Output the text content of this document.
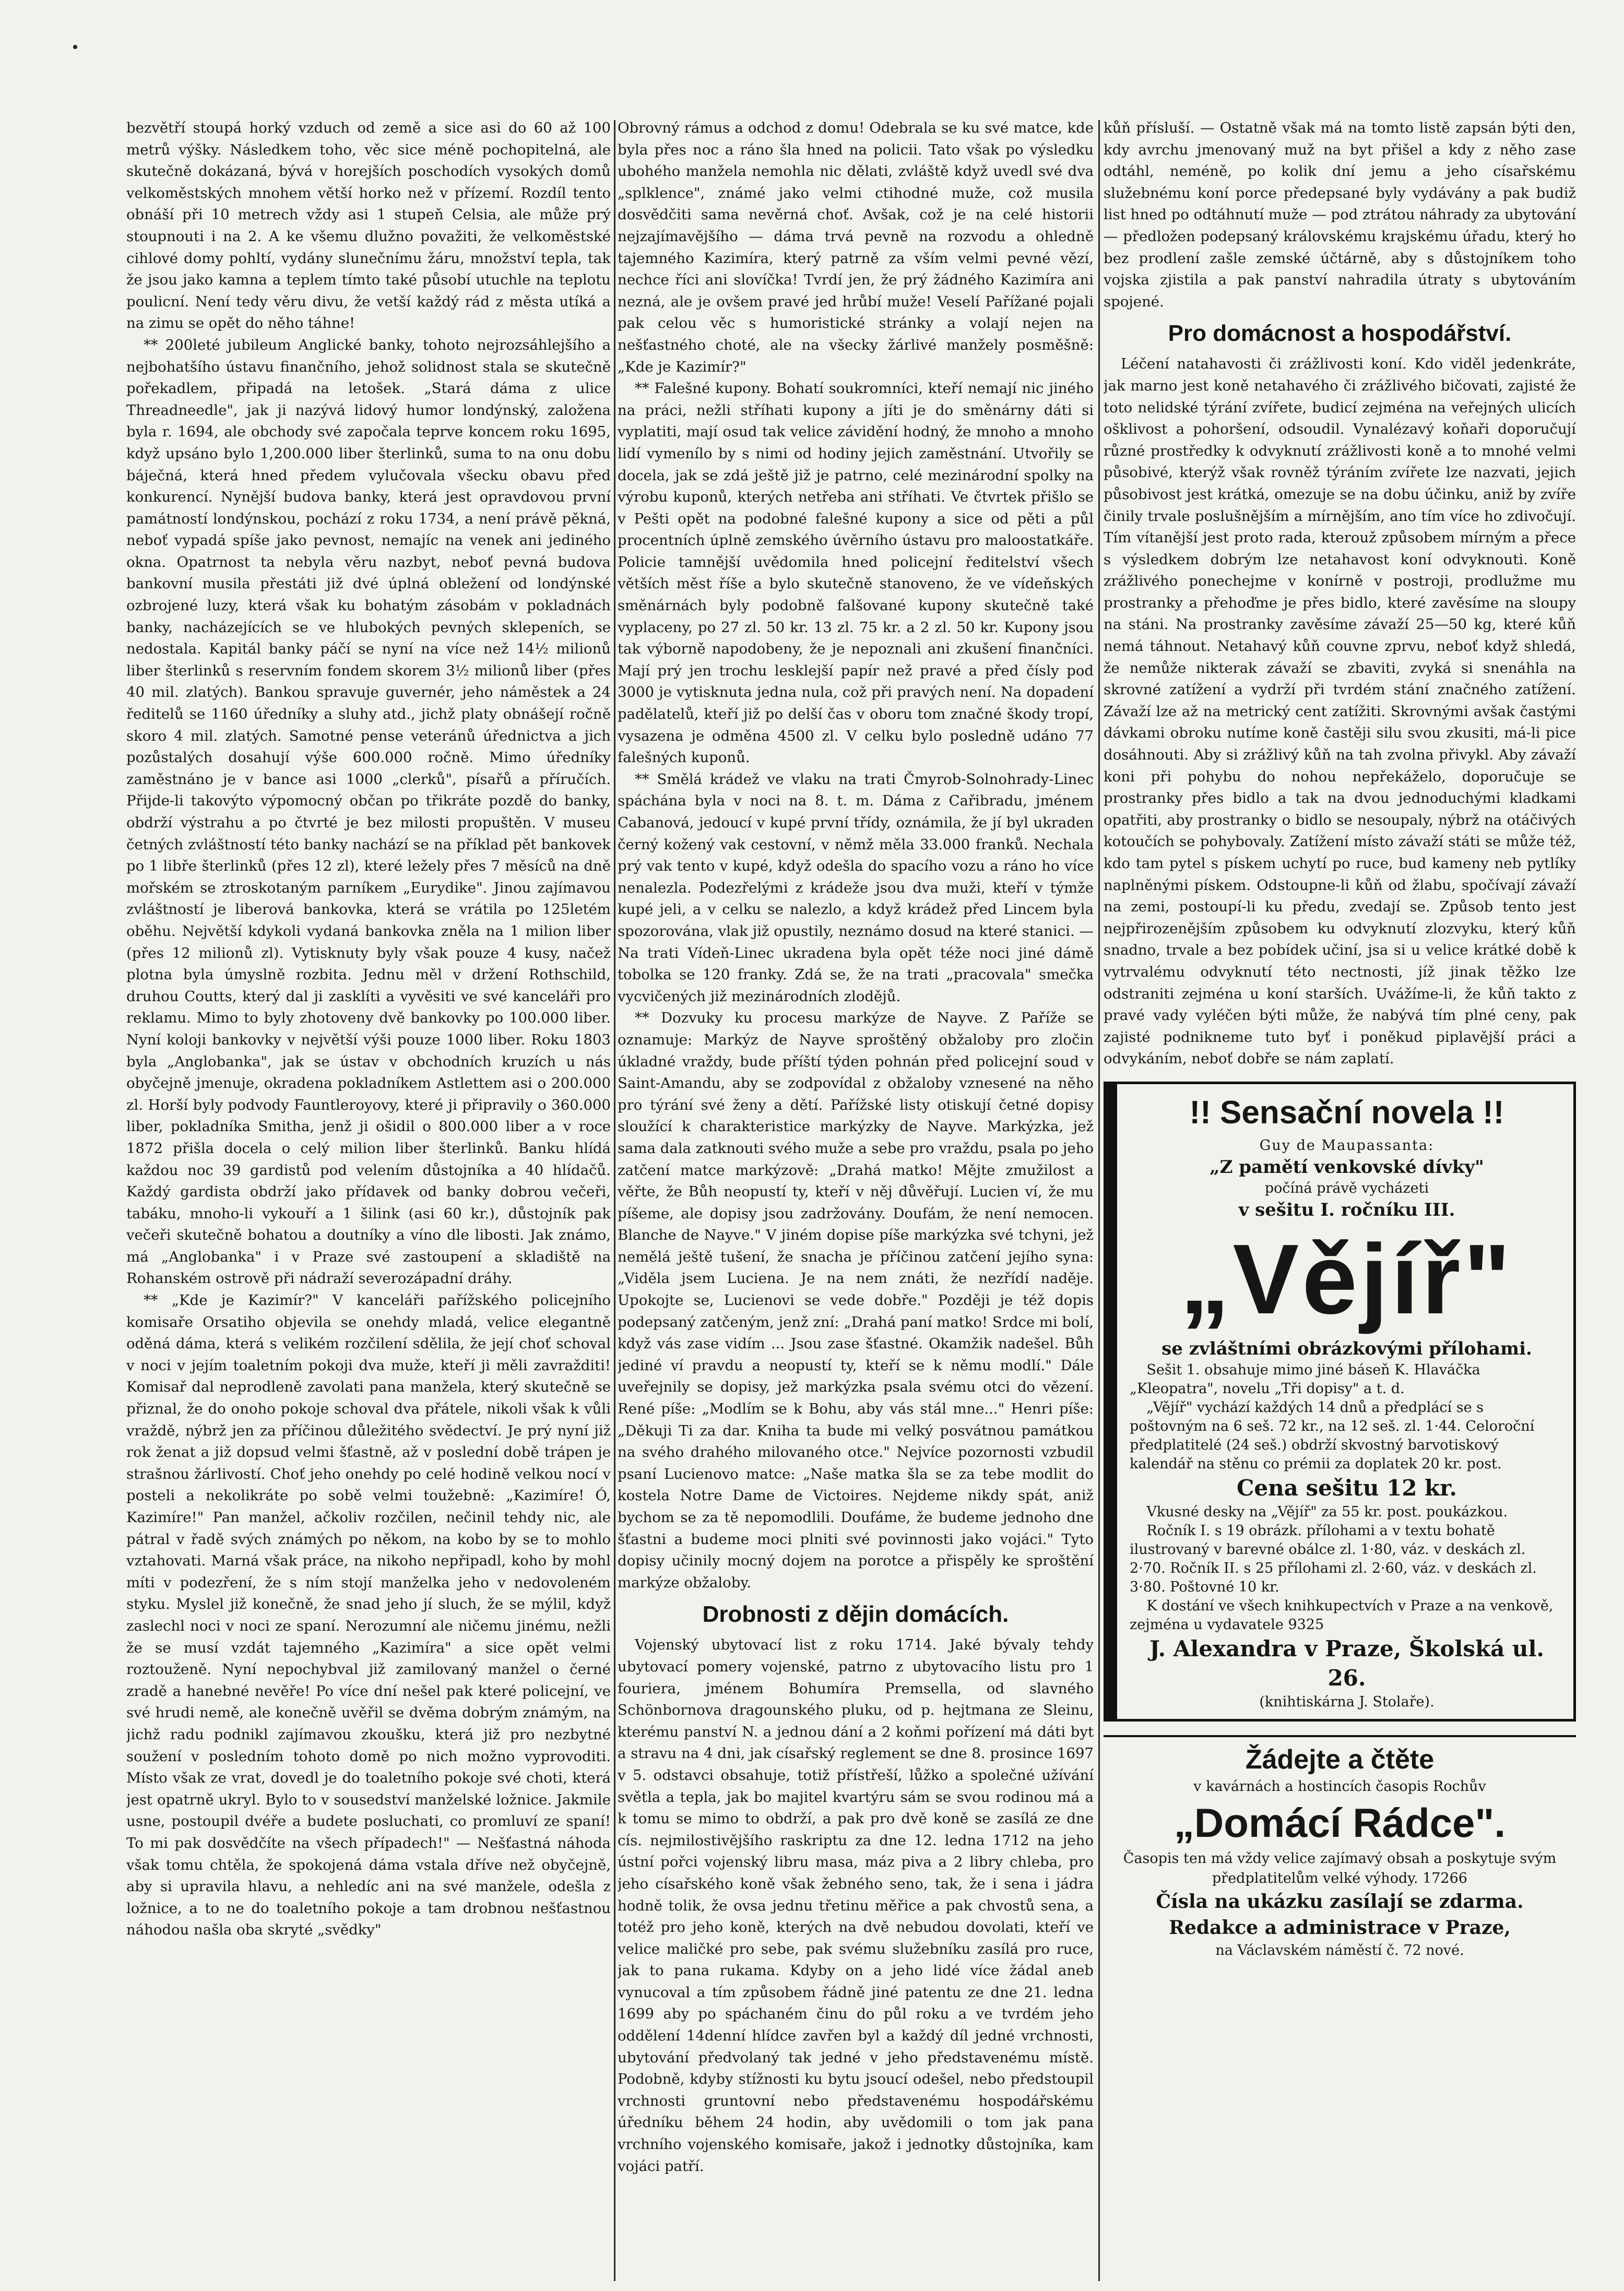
bezvětří stoupá horký vzduch od země a sice asi do 60 až 100 metrů výšky. Následkem toho, věc sice méně pochopitelná, ale skutečně dokázaná, bývá v horejších poschodích vysokých domů velkoměstských mnohem větší horko než v přízemí. Rozdíl tento obnáší při 10 metrech vždy asi 1 stupeň Celsia, ale může prý stoupnouti i na 2. A ke všemu dlužno považiti, že velkoměstské cihlové domy pohltí, vydány slunečnímu žáru, množství tepla, tak že jsou jako kamna a teplem tímto také působí utuchle na teplotu poulicní. Není tedy věru divu, že vetší každý rád z města utíká a na zimu se opět do něho táhne!

** 200leté jubileum Anglické banky, tohoto nejrozsáhlejšího a nejbohatšího ústavu finančního, jehož solidnost stala se skutečně pořekadlem, připadá na letošek. „Stará dáma z ulice Threadneedle", jak ji nazývá lidový humor londýnský, založena byla r. 1694, ale obchody své započala teprve koncem roku 1695, když upsáno bylo 1,200.000 liber šterlinků, suma to na onu dobu báječná, která hned předem vylučovala všecku obavu před konkurencí. Nynější budova banky, která jest opravdovou první památností londýnskou, pochází z roku 1734, a není právě pěkná, neboť vypadá spíše jako pevnost, nemajíc na venek ani jediného okna. Opatrnost ta nebyla věru nazbyt, neboť pevná budova bankovní musila přestáti již dvé úplná obležení od londýnské ozbrojené luzy, která však ku bohatým zásobám v pokladnách banky, nacházejících se ve hlubokých pevných sklepeních, se nedostala. Kapitál banky páčí se nyní na více než 14½ milionů liber šterlinků s reservním fondem skorem 3½ milionů liber (přes 40 mil. zlatých). Bankou spravuje guvernér, jeho náměstek a 24 ředitelů se 1160 úředníky a sluhy atd., jichž platy obnášejí ročně skoro 4 mil. zlatých. Samotné pense veteránů úřednictva a jich pozůstalých dosahují výše 600.000 ročně. Mimo úředníky zaměstnáno je v bance asi 1000 „clerků", písařů a příručích. Přijde-li takovýto výpomocný občan po třikráte pozdě do banky, obdrží výstrahu a po čtvrté je bez milosti propuštěn. V museu četných zvláštností této banky nachází se na příklad pět bankovek po 1 libře šterlinků (přes 12 zl), které ležely přes 7 měsíců na dně mořském se ztroskotaným parníkem „Eurydike". Jinou zajímavou zvláštností je liberová bankovka, která se vrátila po 125letém oběhu. Největší kdykoli vydaná bankovka zněla na 1 milion liber (přes 12 milionů zl). Vytisknuty byly však pouze 4 kusy, načež plotna byla úmyslně rozbita. Jednu měl v držení Rothschild, druhou Coutts, který dal ji zasklíti a vyvěsiti ve své kanceláři pro reklamu. Mimo to byly zhotoveny dvě bankovky po 100.000 liber. Nyní koloji bankovky v největší výši pouze 1000 liber. Roku 1803 byla „Anglobanka", jak se ústav v obchodních kruzích u nás obyčejně jmenuje, okradena pokladníkem Astlettem asi o 200.000 zl. Horší byly podvody Fauntleroyovy, které ji připravily o 360.000 liber, pokladníka Smitha, jenž ji ošidil o 800.000 liber a v roce 1872 přišla docela o celý milion liber šterlinků. Banku hlídá každou noc 39 gardistů pod velením důstojníka a 40 hlídačů. Každý gardista obdrží jako přídavek od banky dobrou večeři, tabáku, mnoho-li vykouří a 1 šilink (asi 60 kr.), důstojník pak večeři skutečně bohatou a doutníky a víno dle libosti. Jak známo, má „Anglobanka" i v Praze své zastoupení a skladiště na Rohanském ostrově při nádraží severozápadní dráhy.

** „Kde je Kazimír?" V kanceláři pařížského policejního komisaře Orsatiho objevila se onehdy mladá, velice elegantně oděná dáma, která s velikém rozčilení sdělila, že její choť schoval v noci v jejím toaletním pokoji dva muže, kteří ji měli zavražditi! Komisař dal neprodleně zavolati pana manžela, který skutečně se přiznal, že do onoho pokoje schoval dva přátele, nikoli však k vůli vraždě, nýbrž jen za příčinou důležitého svědectví. Je prý nyní již rok ženat a již dopsud velmi šťastně, až v poslední době trápen je strašnou žárlivostí. Choť jeho onehdy po celé hodině velkou nocí v posteli a nekolikráte po sobě velmi toužebně: „Kazimíre! Ó, Kazimíre!" Pan manžel, ačkoliv rozčilen, nečinil tehdy nic, ale pátral v řadě svých známých po někom, na kobo by se to mohlo vztahovati. Marná však práce, na nikoho nepřipadl, koho by mohl míti v podezření, že s ním stojí manželka jeho v nedovoleném styku. Myslel již konečně, že snad jeho jí sluch, že se mýlil, když zaslechl noci v noci ze spaní. Nerozumní ale ničemu jinému, nežli že se musí vzdát tajemného „Kazimíra" a sice opět velmi roztouženě. Nyní nepochybval již zamilovaný manžel o černé zradě a hanebné nevěře! Po více dní nešel pak které policejní, ve své hrudi nemě, ale konečně uvěřil se dvěma dobrým známým, na jichž radu podnikl zajímavou zkoušku, která již pro nezbytné soužení v posledním tohoto domě po nich možno vyprovoditi. Místo však ze vrat, dovedl je do toaletního pokoje své choti, která jest opatrně ukryl. Bylo to v sousedství manželské ložnice. Jakmile usne, postoupil dvéře a budete posluchati, co promluví ze spaní! To mi pak dosvědčíte na všech případech!" — Nešťastná náhoda však tomu chtěla, že spokojená dáma vstala dříve než obyčejně, aby si upravila hlavu, a nehledíc ani na své manžele, odešla z ložnice, a to ne do toaletního pokoje a tam drobnou nešťastnou náhodou našla oba skryté „svědky"

Obrovný rámus a odchod z domu! Odebrala se ku své matce, kde byla přes noc a ráno šla hned na policii. Tato však po výsledku ubohého manžela nemohla nic dělati, zvláště když uvedl své dva „splklence", známé jako velmi ctihodné muže, což musila dosvědčiti sama nevěrná choť. Avšak, což je na celé historii nejzajímavějšího — dáma trvá pevně na rozvodu a ohledně tajemného Kazimíra, který patrně za vším velmi pevné vězí, nechce říci ani slovíčka! Tvrdí jen, že prý žádného Kazimíra ani nezná, ale je ovšem pravé jed hrůbí muže! Veselí Pařížané pojali pak celou věc s humoristické stránky a volají nejen na nešťastného choté, ale na všecky žárlivé manžely posměšně: „Kde je Kazimír?"

** Falešné kupony. Bohatí soukromníci, kteří nemají nic jiného na práci, nežli stříhati kupony a jíti je do směnárny dáti si vyplatiti, mají osud tak velice závidění hodný, že mnoho a mnoho lidí vymenílo by s nimi od hodiny jejich zaměstnání. Utvořily se docela, jak se zdá ještě již je patrno, celé mezinárodní spolky na výrobu kuponů, kterých netřeba ani stříhati. Ve čtvrtek přišlo se v Pešti opět na podobné falešné kupony a sice od pěti a půl procentních úplně zemského úvěrního ústavu pro maloostatkáře. Policie tamnější uvědomila hned policejní ředitelství všech větších měst říše a bylo skutečně stanoveno, že ve vídeňských směnárnách byly podobně falšované kupony skutečně také vyplaceny, po 27 zl. 50 kr. 13 zl. 75 kr. a 2 zl. 50 kr. Kupony jsou tak výborně napodobeny, že je nepoznali ani zkušení finančníci. Mají prý jen trochu lesklejší papír než pravé a před čísly pod 3000 je vytisknuta jedna nula, což při pravých není. Na dopadení padělatelů, kteří již po delší čas v oboru tom značné škody tropí, vysazena je odměna 4500 zl. V celku bylo posledně udáno 77 falešných kuponů.

** Smělá krádež ve vlaku na trati Čmyrob-Solnohrady-Linec spáchána byla v noci na 8. t. m. Dáma z Cařibradu, jménem Cabanová, jedoucí v kupé první třídy, oznámila, že jí byl ukraden černý kožený vak cestovní, v němž měla 33.000 franků. Nechala prý vak tento v kupé, když odešla do spacího vozu a ráno ho více nenalezla. Podezřelými z krádeže jsou dva muži, kteří v týmže kupé jeli, a v celku se nalezlo, a když krádež před Lincem byla spozorována, vlak již opustily, neznámo dosud na které stanici. — Na trati Vídeň-Linec ukradena byla opět téže noci jiné dámě tobolka se 120 franky. Zdá se, že na trati „pracovala" smečka vycvičených již mezinárodních zlodějů.

** Dozvuky ku procesu markýze de Nayve. Z Paříže se oznamuje: Markýz de Nayve sproštěný obžaloby pro zločin úkladné vraždy, bude příští týden pohnán před policejní soud v Saint-Amandu, aby se zodpovídal z obžaloby vznesené na něho pro týrání své ženy a dětí. Pařížské listy otiskují četné dopisy sloužící k charakteristice markýzky de Nayve. Markýzka, jež sama dala zatknouti svého muže a sebe pro vraždu, psala po jeho zatčení matce markýzově: „Drahá matko! Mějte zmužilost a věřte, že Bůh neopustí ty, kteří v něj důvěřují. Lucien ví, že mu píšeme, ale dopisy jsou zadržovány. Doufám, že není nemocen. Blanche de Nayve." V jiném dopise píše markýzka své tchyni, jež nemělá ještě tušení, že snacha je příčinou zatčení jejího syna: „Viděla jsem Luciena. Je na nem znáti, že nezřídí naděje. Upokojte se, Lucienovi se vede dobře." Později je též dopis podepsaný zatčeným, jenž zní: „Drahá paní matko! Srdce mi bolí, když vás zase vidím ... Jsou zase šťastné. Okamžik nadešel. Bůh jediné ví pravdu a neopustí ty, kteří se k němu modlí." Dále uveřejnily se dopisy, jež markýzka psala svému otci do vězení. René píše: „Modlím se k Bohu, aby vás stál mne..." Henri píše: „Děkuji Ti za dar. Kniha ta bude mi velký posvátnou památkou na svého drahého milovaného otce." Nejvíce pozornosti vzbudil psaní Lucienovo matce: „Naše matka šla se za tebe modlit do kostela Notre Dame de Victoires. Nejdeme nikdy spát, aniž bychom se za tě nepomodlili. Doufáme, že budeme jednoho dne šťastni a budeme moci plniti své povinnosti jako vojáci." Tyto dopisy učinily mocný dojem na porotce a přispěly ke sproštění markýze obžaloby.

Drobnosti z dějin domácích.

Vojenský ubytovací list z roku 1714. Jaké bývaly tehdy ubytovací pomery vojenské, patrno z ubytovacího listu pro 1 fouriera, jménem Bohumíra Premsella, od slavného Schönbornova dragounského pluku, od p. hejtmana ze Sleinu, kterému panství N. a jednou dání a 2 koňmi pořízení má dáti byt a stravu na 4 dni, jak císařský reglement se dne 8. prosince 1697 v 5. odstavci obsahuje, totiž přístřeší, lůžko a společné užívání světla a tepla, jak bo majitel kvartýru sám se svou rodinou má a k tomu se mimo to obdrží, a pak pro dvě koně se zasílá ze dne cís. nejmilostivějšího raskriptu za dne 12. ledna 1712 na jeho ústní pořci vojenský libru masa, máz piva a 2 libry chleba, pro jeho císařského koně však žebného seno, tak, že i sena i jádra hodně tolik, že ovsa jednu třetinu měřice a pak chvostů sena, a totéž pro jeho koně, kterých na dvě nebudou dovolati, kteří ve velice maličké pro sebe, pak svému služebníku zasílá pro ruce, jak to pana rukama. Kdyby on a jeho lidé více žádal aneb vynucoval a tím způsobem řádně jiné patentu ze dne 21. ledna 1699 aby po spáchaném činu do půl roku a ve tvrdém jeho oddělení 14denní hlídce zavřen byl a každý díl jedné vrchnosti, ubytování předvolaný tak jedné v jeho představenému místě. Podobně, kdyby stížnosti ku bytu jsoucí odešel, nebo předstoupil vrchnosti gruntovní nebo představenému hospodářskému úředníku během 24 hodin, aby uvědomili o tom jak pana vrchního vojenského komisaře, jakož i jednotky důstojníka, kam vojáci patří.

kůň přísluší. — Ostatně však má na tomto listě zapsán býti den, kdy avrchu jmenovaný muž na byt přišel a kdy z něho zase odtáhl, neméně, po kolik dní jemu a jeho císařskému služebnému koní porce předepsané byly vydávány a pak budiž list hned po odtáhnutí muže — pod ztrátou náhrady za ubytování — předložen podepsaný královskému krajskému úřadu, který ho bez prodlení zašle zemské účtárně, aby s důstojníkem toho vojska zjistila a pak panství nahradila útraty s ubytováním spojené.

Pro domácnost a hospodářství.

Léčení natahavosti či zrážlivosti koní. Kdo viděl jedenkráte, jak marno jest koně netahavého či zrážlivého bičovati, zajisté že toto nelidské týrání zvířete, budicí zejména na veřejných ulicích ošklivost a pohoršení, odsoudil. Vynalézavý koňaři doporučují různé prostředky k odvyknutí zrážlivosti koně a to mnohé velmi působivé, kterýž však rovněž týráním zvířete lze nazvati, jejich působivost jest krátká, omezuje se na dobu účinku, aniž by zvíře činily trvale poslušnějším a mírnějším, ano tím více ho zdivočují. Tím vítanější jest proto rada, kterouž způsobem mírným a přece s výsledkem dobrým lze netahavost koní odvyknouti. Koně zrážlivého ponechejme v konírně v postroji, prodlužme mu prostranky a přehoďme je přes bidlo, které zavěsíme na sloupy na stáni. Na prostranky zavěsíme závaží 25—50 kg, které kůň nemá táhnout. Netahavý kůň couvne zprvu, neboť když shledá, že nemůže nikterak závaží se zbaviti, zvyká si snenáhla na skrovné zatížení a vydrží při tvrdém stání značného zatížení. Závaží lze až na metrický cent zatížiti. Skrovnými avšak častými dávkami obroku nutíme koně častěji silu svou zkusiti, má-li pice dosáhnouti. Aby si zrážlivý kůň na tah zvolna přivykl. Aby závaží koni při pohybu do nohou nepřekáželo, doporučuje se prostranky přes bidlo a tak na dvou jednoduchými kladkami opatřiti, aby prostranky o bidlo se nesoupaly, nýbrž na otáčivých kotoučích se pohybovaly. Zatížení místo závaží státi se může též, kdo tam pytel s pískem uchytí po ruce, bud kameny neb pytlíky naplněnými pískem. Odstoupne-li kůň od žlabu, spočívají závaží na zemi, postoupí-li ku předu, zvedají se. Způsob tento jest nejpřirozenějším způsobem ku odvyknutí zlozvyku, který kůň snadno, trvale a bez pobídek učiní, jsa si u velice krátké době k vytrvalému odvyknutí této nectnosti, jíž jinak těžko lze odstraniti zejména u koní starších. Uvážíme-li, že kůň takto z pravé vady vyléčen býti může, že nabývá tím plné ceny, pak zajisté podnikneme tuto byť i poněkud piplavější práci a odvykáním, neboť dobře se nám zaplatí.

!! Sensační novela !!
Guy de Maupassanta:
„Z pamětí venkovské dívky"
počíná právě vycházeti
v sešitu I. ročníku III.
„Vějíř"
se zvláštními obrázkovými přílohami.
Sešit 1. obsahuje mimo jiné báseň K. Hlaváčka „Kleopatra", novelu „Tři dopisy" a t. d.
„Vějíř" vychází každých 14 dnů a předplácí se s poštovným na 6 seš. 72 kr., na 12 seš. zl. 1·44. Celoroční předplatitelé (24 seš.) obdrží skvostný barvotiskový kalendář na stěnu co prémii za doplatek 20 kr. post.
Cena sešitu 12 kr.
Vkusné desky na „Vějíř" za 55 kr. post. poukázkou.
Ročník I. s 19 obrázk. přílohami a v textu bohatě ilustrovaný v barevné obálce zl. 1·80, váz. v deskách zl. 2·70. Ročník II. s 25 přílohami zl. 2·60, váz. v deskách zl. 3·80. Poštovné 10 kr.
K dostání ve všech knihkupectvích v Praze a na venkově, zejména u vydavatele 9325
J. Alexandra v Praze, Školská ul. 26.
(knihtiskárna J. Stolaře).
Žádejte a čtěte
v kavárnách a hostincích časopis Rochův
„Domácí Rádce".
Časopis ten má vždy velice zajímavý obsah a poskytuje svým předplatitelům velké výhody. 17266
Čísla na ukázku zasílají se zdarma.
Redakce a administrace v Praze,
na Václavském náměstí č. 72 nové.
